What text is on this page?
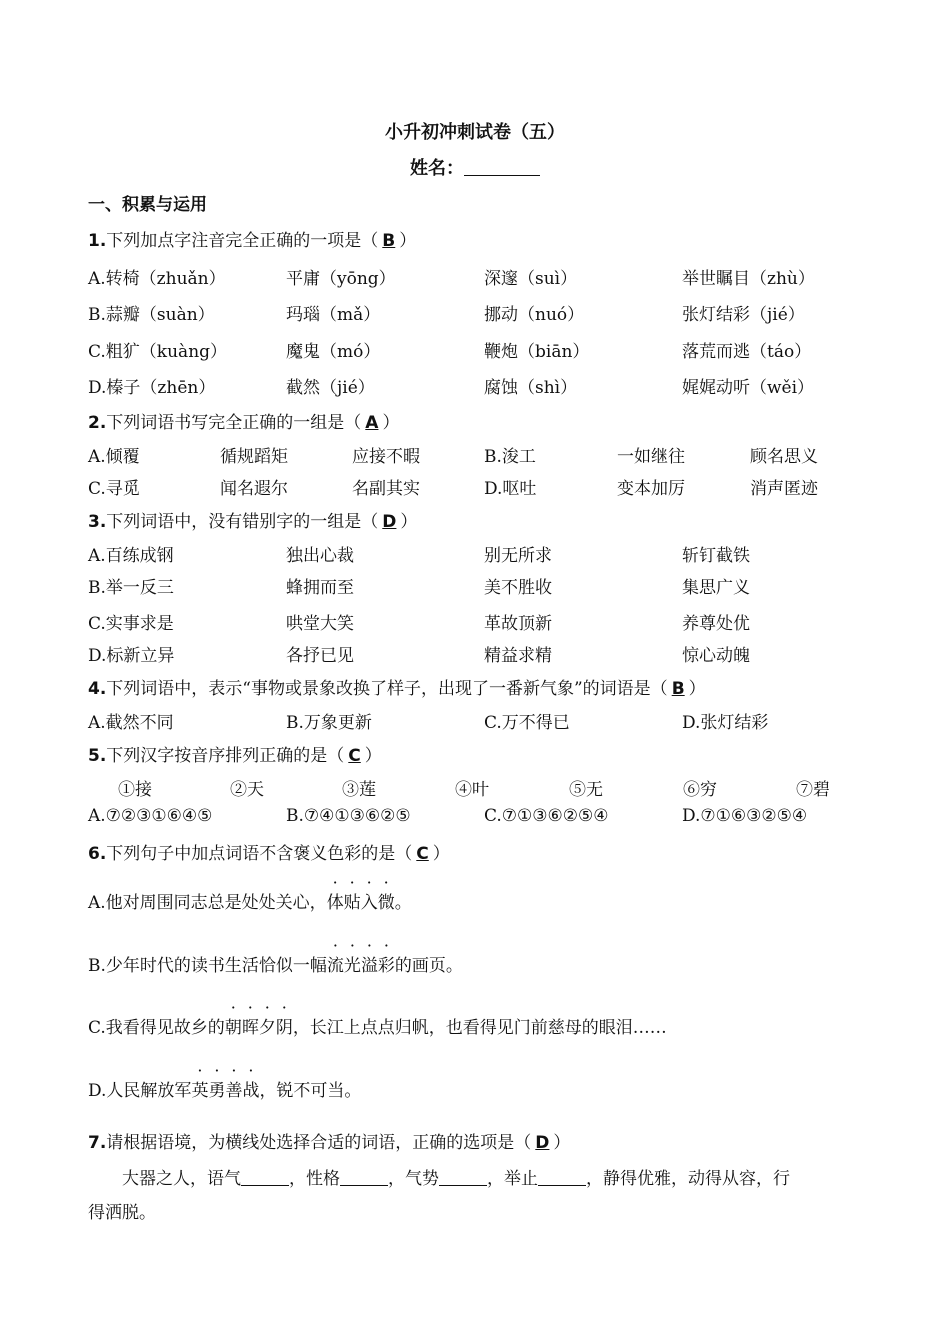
小升初冲刺试卷（五）
姓名：
一、积累与运用
1.下列加点字注音完全正确的一项是（ B ）
A.转椅（zhuǎn）	平庸（yōng）	深邃（suì）	举世瞩目（zhù）
B.蒜瓣（suàn）	玛瑙（mǎ）	挪动（nuó）	张灯结彩（jié）
C.粗犷（kuàng）	魔鬼（mó）	鞭炮（biān）	落荒而逃（táo）
D.榛子（zhēn）	截然（jié）	腐蚀（shì）	娓娓动听（wěi）
2.下列词语书写完全正确的一组是（ A ）
A.倾覆	循规蹈矩	应接不暇	B.浚工	一如继往	顾名思义
C.寻觅	闻名遐尔	名副其实	D.呕吐	变本加厉	消声匿迹
3.下列词语中，没有错别字的一组是（ D ）
A.百练成钢	独出心裁	别无所求	斩钉截铁
B.举一反三	蜂拥而至	美不胜收	集思广义
C.实事求是	哄堂大笑	革故顶新	养尊处优
D.标新立异	各抒已见	精益求精	惊心动魄
4.下列词语中，表示“事物或景象改换了样子，出现了一番新气象”的词语是（ B ）
A.截然不同	B.万象更新	C.万不得已	D.张灯结彩
5.下列汉字按音序排列正确的是（ C ）
①接	②天	③莲	④叶	⑤无	⑥穷	⑦碧
A.⑦②③①⑥④⑤	B.⑦④①③⑥②⑤	C.⑦①③⑥②⑤④	D.⑦①⑥③②⑤④
6.下列句子中加点词语不含褒义色彩的是（ C ）
A.他对周围同志总是处处关心，体贴入微。
B.少年时代的读书生活恰似一幅流光溢彩的画页。
C.我看得见故乡的朝晖夕阴，长江上点点归帆，也看得见门前慈母的眼泪……
D.人民解放军英勇善战，锐不可当。
7.请根据语境，为横线处选择合适的词语，正确的选项是（ D ）
大器之人，语气	，性格	，气势	，举止	，静得优雅，动得从容，行
得洒脱。
